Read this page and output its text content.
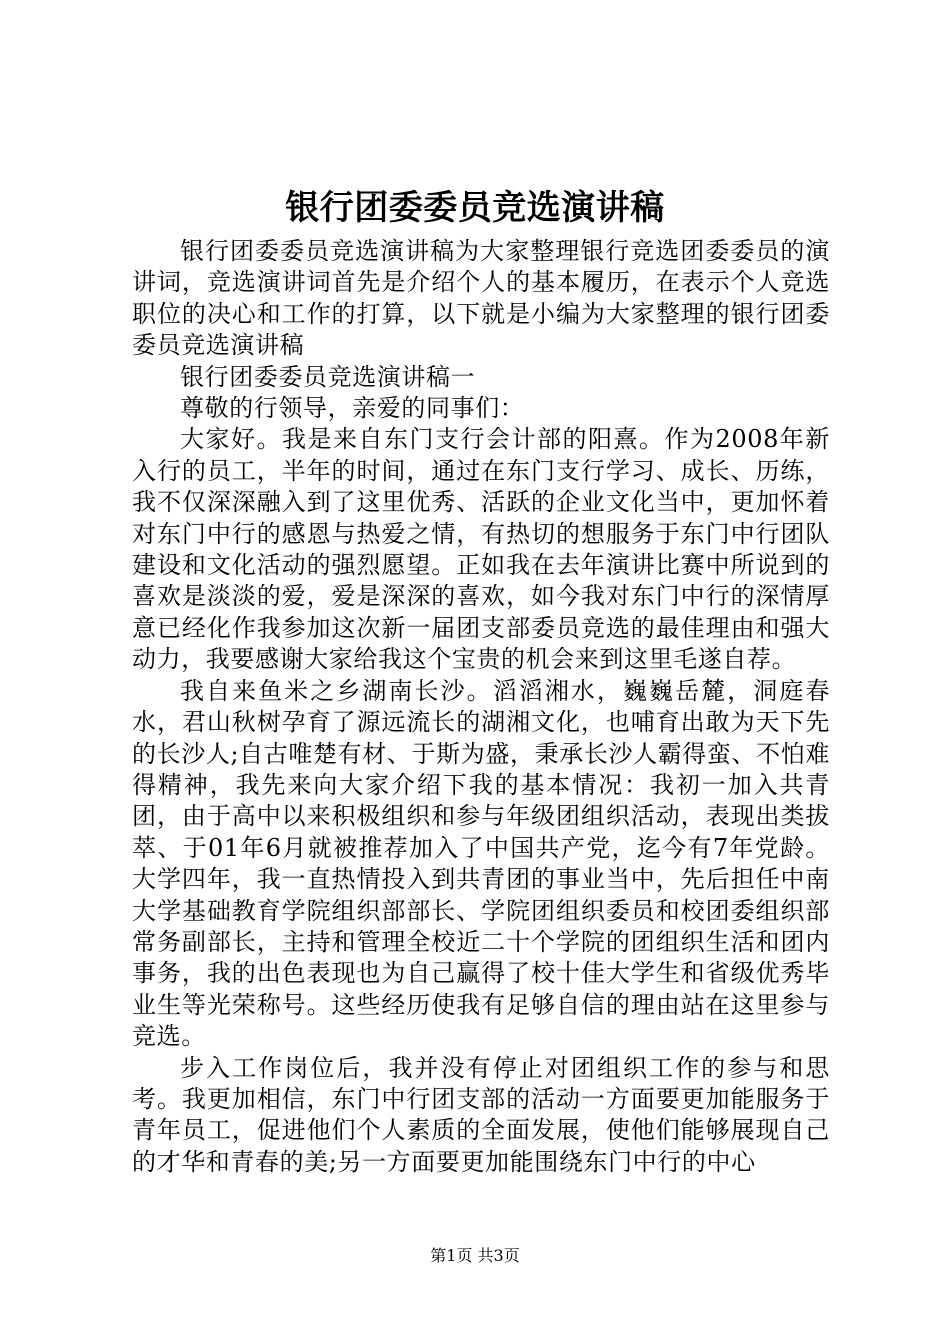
银行团委委员竞选演讲稿

银行团委委员竞选演讲稿为大家整理银行竞选团委委员的演讲词，竞选演讲词首先是介绍个人的基本履历，在表示个人竞选职位的决心和工作的打算，以下就是小编为大家整理的银行团委委员竞选演讲稿

银行团委委员竞选演讲稿一

尊敬的行领导，亲爱的同事们：

大家好。我是来自东门支行会计部的阳熹。作为2008年新入行的员工，半年的时间，通过在东门支行学习、成长、历练，我不仅深深融入到了这里优秀、活跃的企业文化当中，更加怀着对东门中行的感恩与热爱之情，有热切的想服务于东门中行团队建设和文化活动的强烈愿望。正如我在去年演讲比赛中所说到的喜欢是淡淡的爱，爱是深深的喜欢，如今我对东门中行的深情厚意已经化作我参加这次新一届团支部委员竞选的最佳理由和强大动力，我要感谢大家给我这个宝贵的机会来到这里毛遂自荐。

我自来鱼米之乡湖南长沙。滔滔湘水，巍巍岳麓，洞庭春水，君山秋树孕育了源远流长的湖湘文化，也哺育出敢为天下先的长沙人;自古唯楚有材、于斯为盛，秉承长沙人霸得蛮、不怕难得精神，我先来向大家介绍下我的基本情况：我初一加入共青团，由于高中以来积极组织和参与年级团组织活动，表现出类拔萃、于01年6月就被推荐加入了中国共产党，迄今有7年党龄。大学四年，我一直热情投入到共青团的事业当中，先后担任中南大学基础教育学院组织部部长、学院团组织委员和校团委组织部常务副部长，主持和管理全校近二十个学院的团组织生活和团内事务，我的出色表现也为自己赢得了校十佳大学生和省级优秀毕业生等光荣称号。这些经历使我有足够自信的理由站在这里参与竞选。

步入工作岗位后，我并没有停止对团组织工作的参与和思考。我更加相信，东门中行团支部的活动一方面要更加能服务于青年员工，促进他们个人素质的全面发展，使他们能够展现自己的才华和青春的美;另一方面要更加能围绕东门中行的中心

第1页 共3页
